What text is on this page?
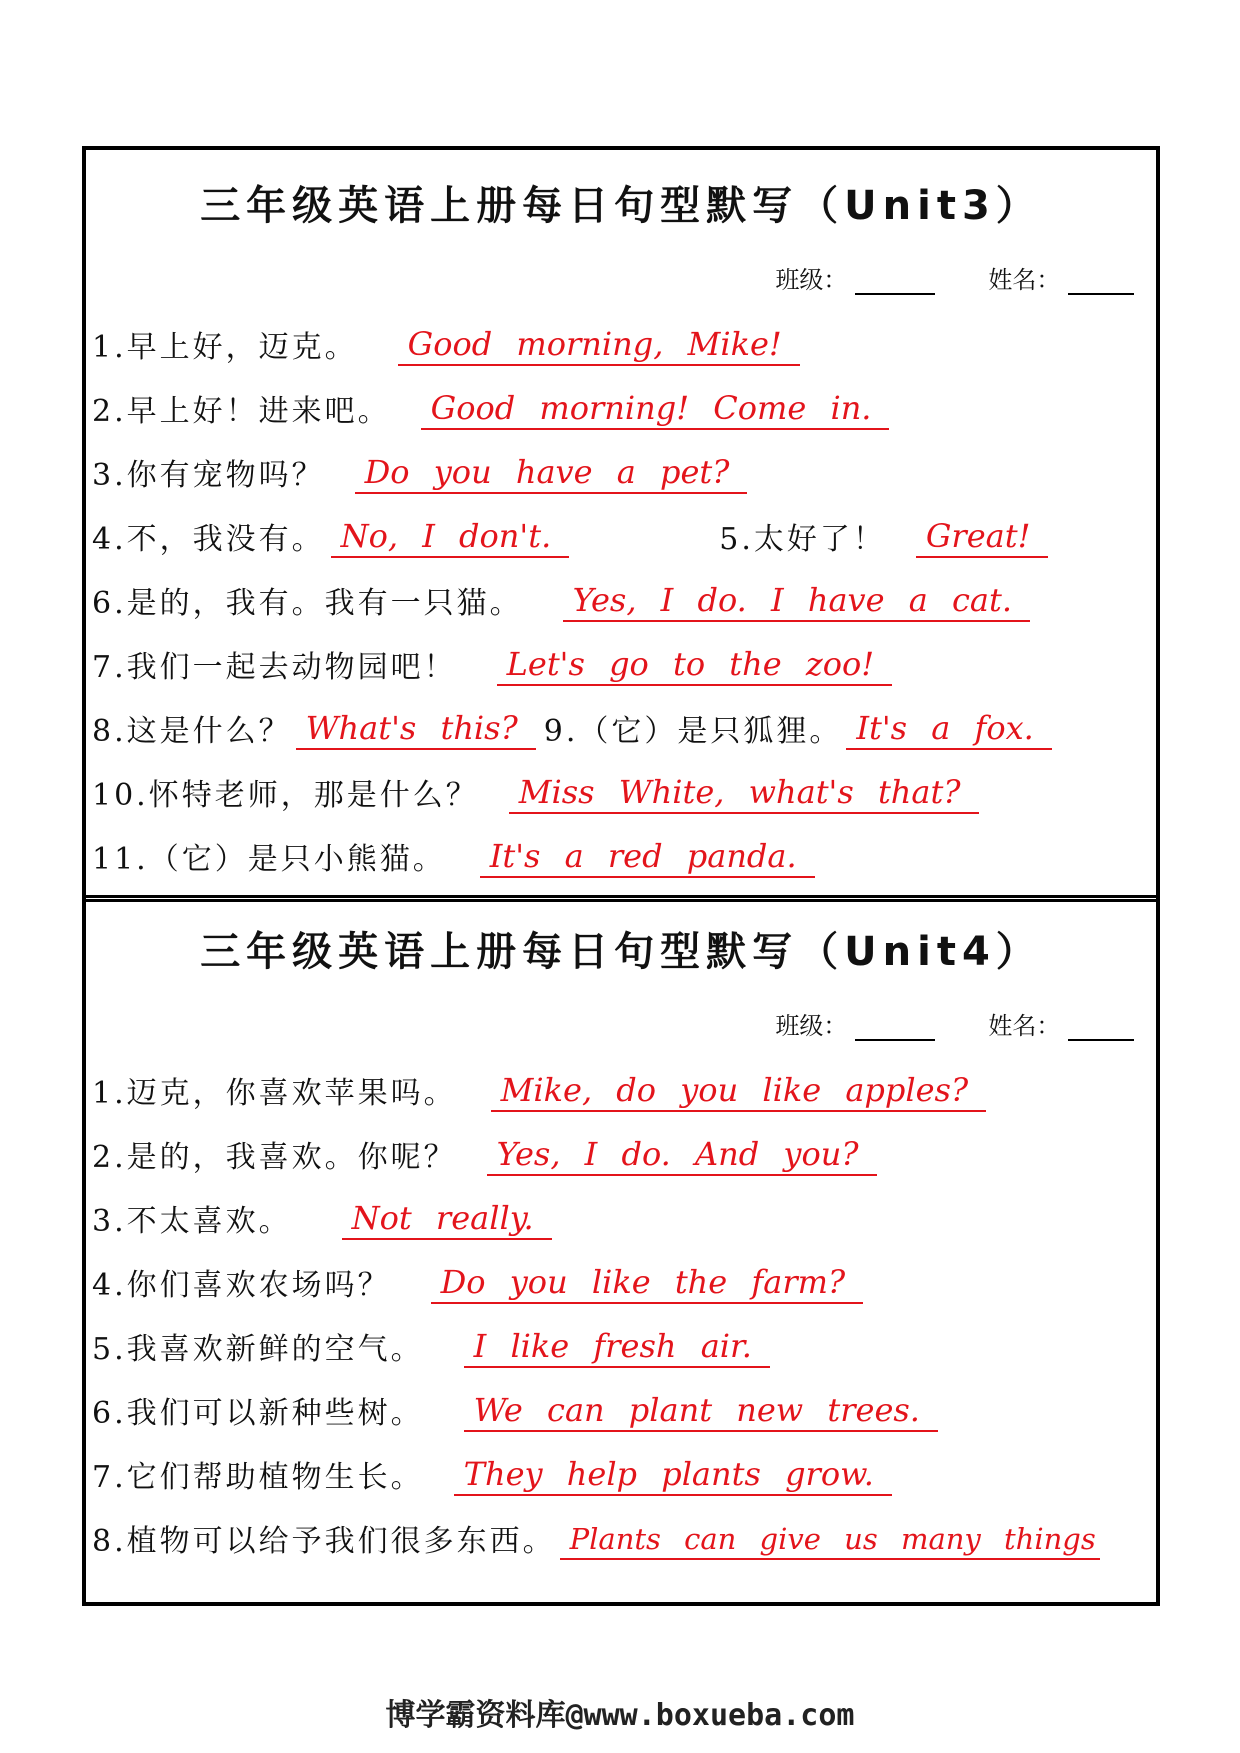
三年级英语上册每日句型默写（Unit3）
班级：	姓名：
1.早上好，迈克。	Good morning, Mike!
2.早上好！进来吧。	Good morning! Come in.
3.你有宠物吗？	Do you have a pet?
4.不，我没有。 No, I don't.	5.太好了！	Great!
6.是的，我有。我有一只猫。	Yes, I do. I have a cat.
7.我们一起去动物园吧！	Let's go to the zoo!
8.这是什么？ What's this? 9.（它）是只狐狸。 It's a fox.
10.怀特老师，那是什么？	Miss White, what's that?
11.（它）是只小熊猫。	It's a red panda.
三年级英语上册每日句型默写（Unit4）
班级：	姓名：
1.迈克，你喜欢苹果吗。	Mike, do you like apples?
2.是的，我喜欢。你呢？	Yes, I do. And you?
3.不太喜欢。	Not really.
4.你们喜欢农场吗？	Do you like the farm?
5.我喜欢新鲜的空气。	I like fresh air.
6.我们可以新种些树。	We can plant new trees.
7.它们帮助植物生长。	They help plants grow.
8.植物可以给予我们很多东西。 Plants can give us many things
博学霸资料库@www.boxueba.com
